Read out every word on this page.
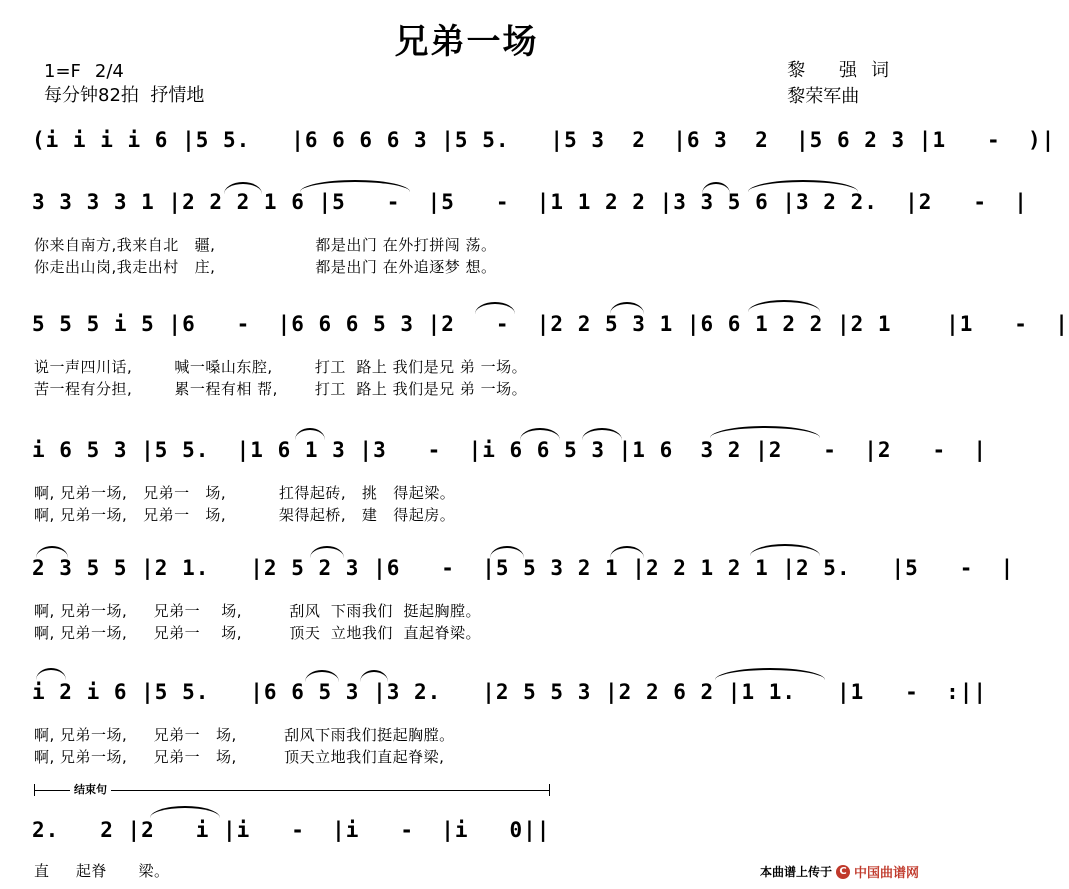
兄弟一场
1=F 2/4
每分钟82拍 抒情地
黎 强词
黎荣军曲
(i i i i 6 |5 5.   |6 6 6 6 3 |5 5.   |5 3  2  |6 3  2  |5 6 2 3 |1   -  )|
3 3 3 3 1 |2 2 2 1 6 |5   -  |5   -  |1 1 2 2 |3 3 5 6 |3 2 2.  |2   -  |
你来自南方,我来自北   疆,                   都是出门 在外打拼闯 荡。
你走出山岗,我走出村   庄,                   都是出门 在外追逐梦 想。
5 5 5 i 5 |6   -  |6 6 6 5 3 |2   -  |2 2 5 3 1 |6 6 1 2 2 |2 1    |1   -  |
说一声四川话,        喊一嗓山东腔,        打工  路上 我们是兄 弟 一场。
苦一程有分担,        累一程有相 帮,       打工  路上 我们是兄 弟 一场。
i 6 5 3 |5 5.  |1 6 1 3 |3   -  |i 6 6 5 3 |1 6  3 2 |2   -  |2   -  |
啊, 兄弟一场,   兄弟一   场,          扛得起砖,   挑   得起梁。
啊, 兄弟一场,   兄弟一   场,          架得起桥,   建   得起房。
2 3 5 5 |2 1.   |2 5 2 3 |6   -  |5 5 3 2 1 |2 2 1 2 1 |2 5.   |5   -  |
啊, 兄弟一场,     兄弟一    场,         刮风  下雨我们  挺起胸膛。
啊, 兄弟一场,     兄弟一    场,         顶天  立地我们  直起脊梁。
i 2 i 6 |5 5.   |6 6 5 3 |3 2.   |2 5 5 3 |2 2 6 2 |1 1.   |1   -  :||
啊, 兄弟一场,     兄弟一   场,         刮风下雨我们挺起胸膛。
啊, 兄弟一场,     兄弟一   场,         顶天立地我们直起脊梁,
结束句
2.   2 |2   i |i   -  |i   -  |i   0||
直     起脊      梁。	本曲谱上传于 C 中国曲谱网
